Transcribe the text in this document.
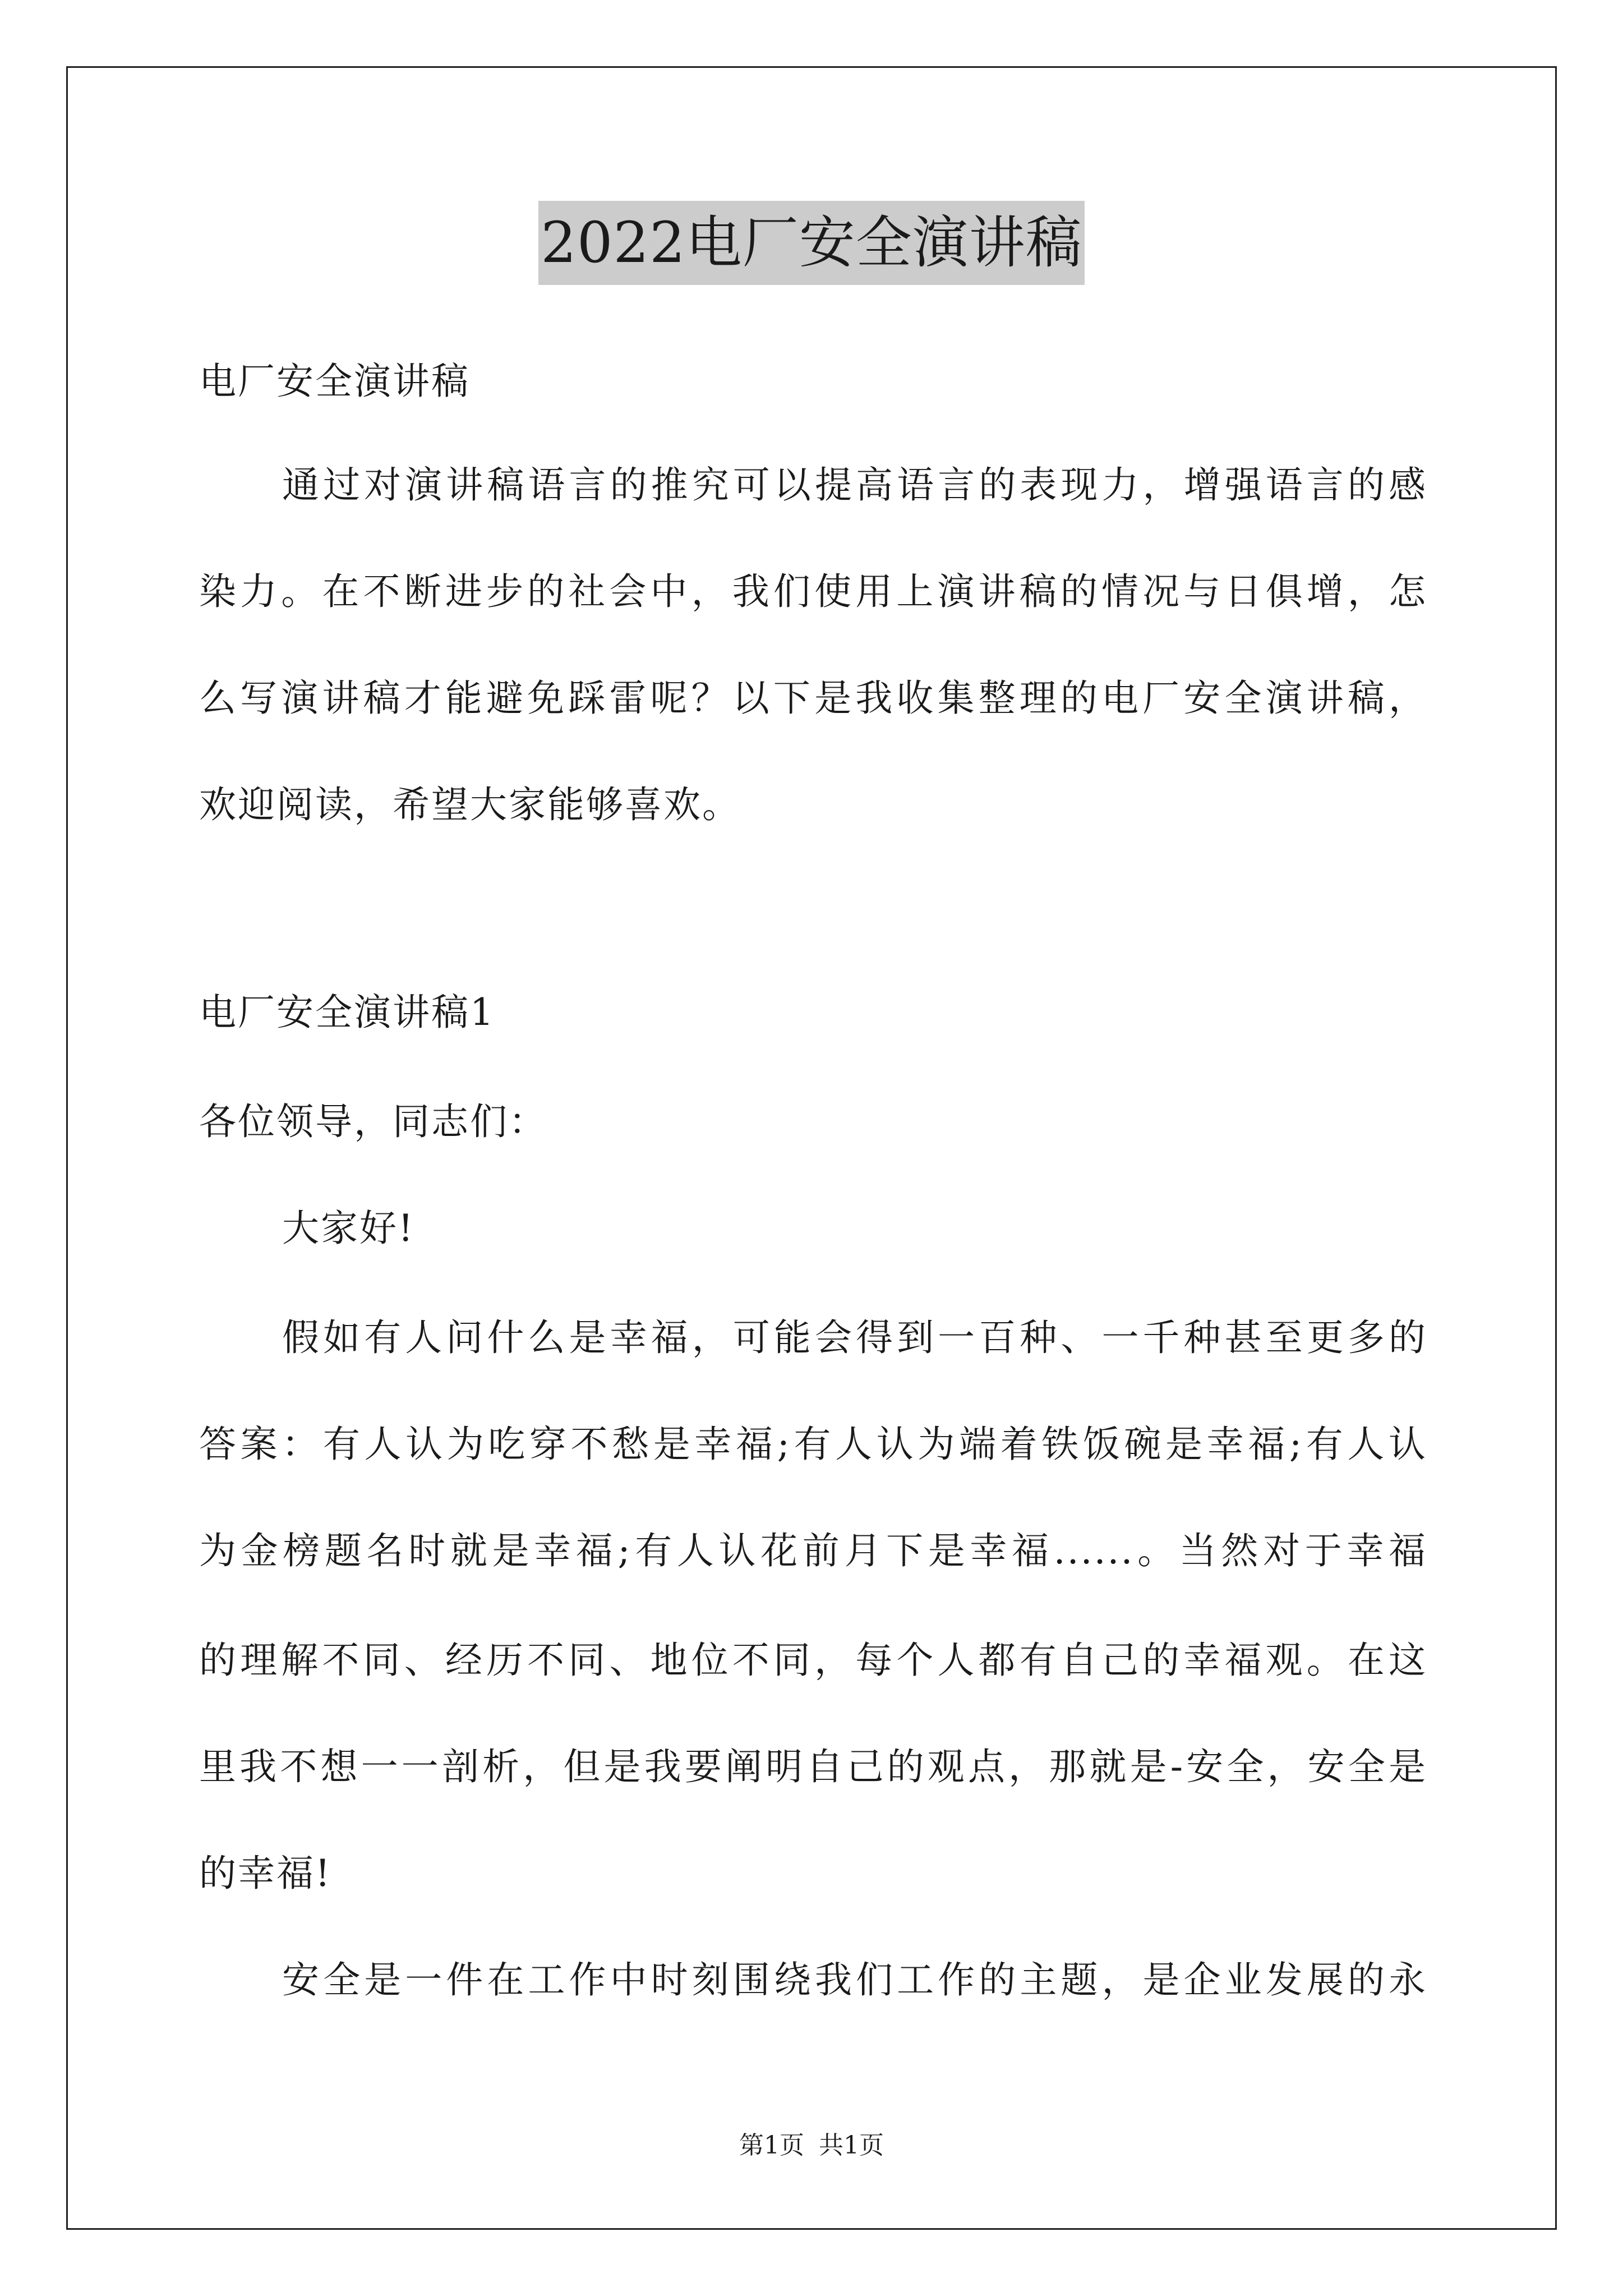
2022电厂安全演讲稿
电厂安全演讲稿
通过对演讲稿语言的推究可以提高语言的表现力，增强语言的感
染力。在不断进步的社会中，我们使用上演讲稿的情况与日俱增，怎
么写演讲稿才能避免踩雷呢？以下是我收集整理的电厂安全演讲稿，
欢迎阅读，希望大家能够喜欢。
电厂安全演讲稿1
各位领导，同志们：
大家好!
假如有人问什么是幸福，可能会得到一百种、一千种甚至更多的
答案：有人认为吃穿不愁是幸福;有人认为端着铁饭碗是幸福;有人认
为金榜题名时就是幸福;有人认花前月下是幸福......。当然对于幸福
的理解不同、经历不同、地位不同，每个人都有自己的幸福观。在这
里我不想一一剖析，但是我要阐明自己的观点，那就是-安全，安全是
的幸福!
安全是一件在工作中时刻围绕我们工作的主题，是企业发展的永
第1页 共1页
